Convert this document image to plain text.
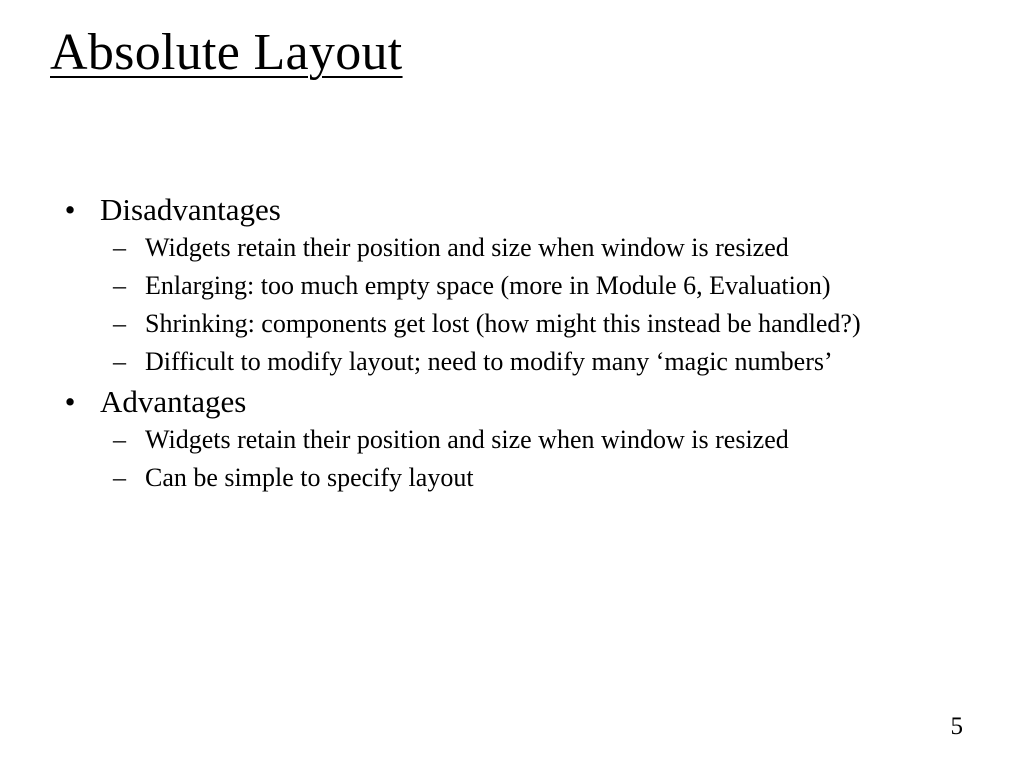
Absolute Layout
• Disadvantages
– Widgets retain their position and size when window is resized
– Enlarging: too much empty space (more in Module 6, Evaluation)
– Shrinking: components get lost (how might this instead be handled?)
– Difficult to modify layout; need to modify many ‘magic numbers’
• Advantages
– Widgets retain their position and size when window is resized
– Can be simple to specify layout
5
